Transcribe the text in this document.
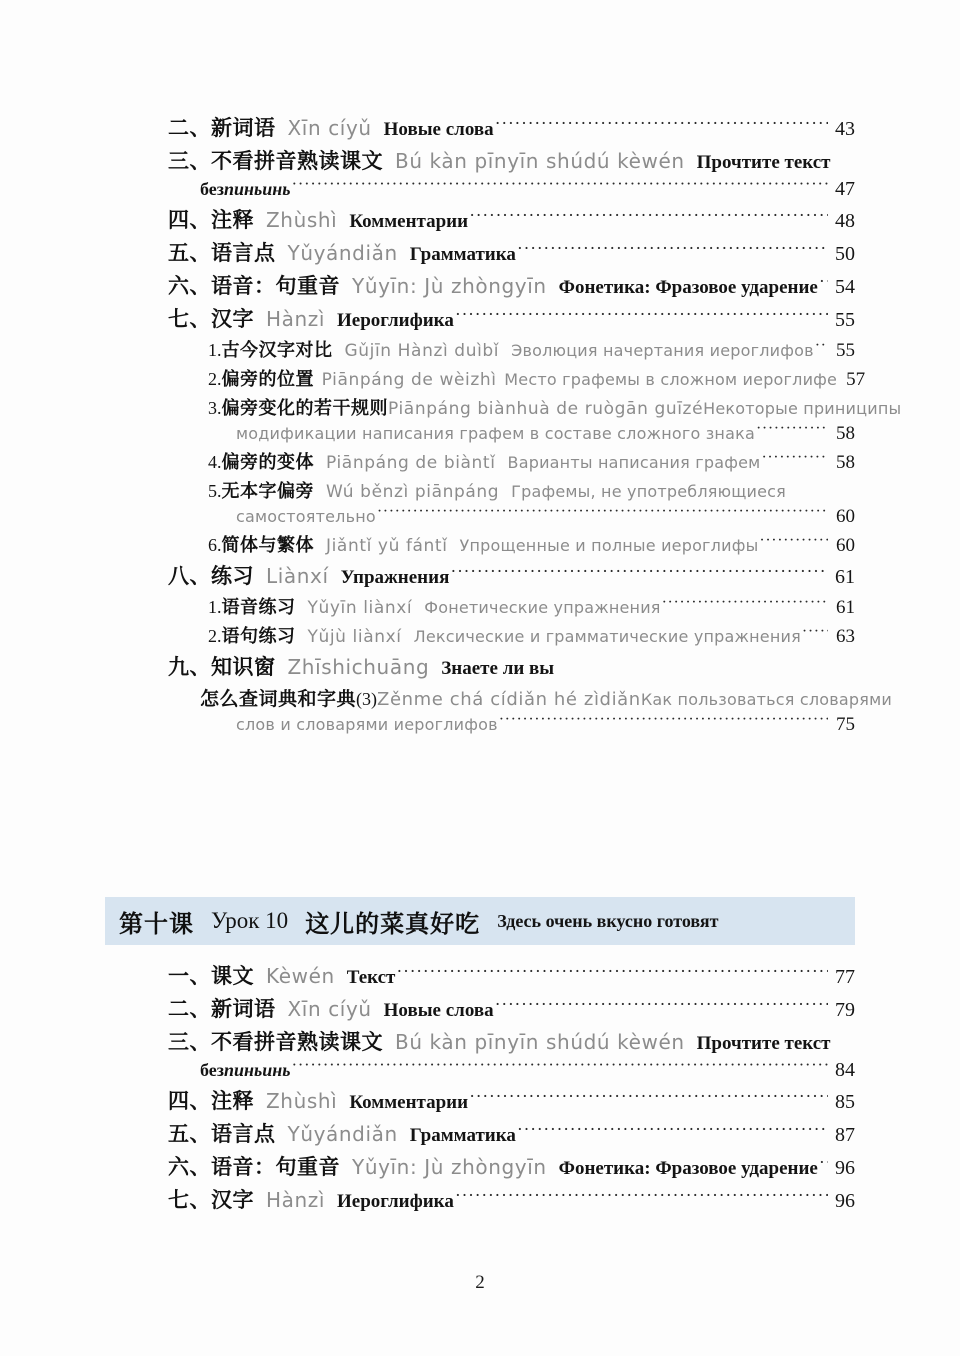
二、新词语 Xīn cíyǔ Новые слова ·····	43
三、不看拼音熟读课文 Bú kàn pīnyīn shúdú kèwén Прочтите текст
без пиньинь ·····	47
四、注释 Zhùshì Комментарии ·····	48
五、语言点 Yǔyándiǎn Грамматика ·····	50
六、语音：句重音 Yǔyīn: Jù zhòngyīn Фонетика: Фразовое ударение ····· 54
七、汉字 Hànzì Иероглифика ·····	55
1. 古今汉字对比 Gǔjīn Hànzì duìbǐ Эволюция начертания иероглифов ·····	55
2. 偏旁的位置 Piānpáng de wèizhì Место графемы в сложном иероглифе 57
3. 偏旁变化的若干规则 Piānpáng biànhuà de ruògān guīzé Некоторые приниципы
модификации написания графем в составе сложного знака ·····	58
4. 偏旁的变体 Piānpáng de biàntǐ Варианты написания графем ·····	58
5. 无本字偏旁 Wú běnzì piānpáng Графемы, не употребляющиеся
самостоятельно ·····	60
6. 简体与繁体 Jiǎntǐ yǔ fántǐ Упрощенные и полные иероглифы ·····	60
八、练习 Liànxí Упражнения ·····	61
1. 语音练习 Yǔyīn liànxí Фонетические упражнения ·····	61
2. 语句练习 Yǔjù liànxí Лексические и грамматические упражнения ·····	63
九、知识窗 Zhīshichuāng Знаете ли вы
怎么查词典和字典 (3) Zěnme chá cídiǎn hé zìdiǎn Как пользоваться словарями
слов и словарями иероглифов ·····	75
第十课 Урок 10 这儿的菜真好吃 Здесь очень вкусно готовят
一、课文 Kèwén Текст ·····	77
二、新词语 Xīn cíyǔ Новые слова ·····	79
三、不看拼音熟读课文 Bú kàn pīnyīn shúdú kèwén Прочтите текст
без пиньинь ·····	84
四、注释 Zhùshì Комментарии ·····	85
五、语言点 Yǔyándiǎn Грамматика ·····	87
六、语音：句重音 Yǔyīn: Jù zhòngyīn Фонетика: Фразовое ударение ····· 96
七、汉字 Hànzì Иероглифика ·····	96
2
